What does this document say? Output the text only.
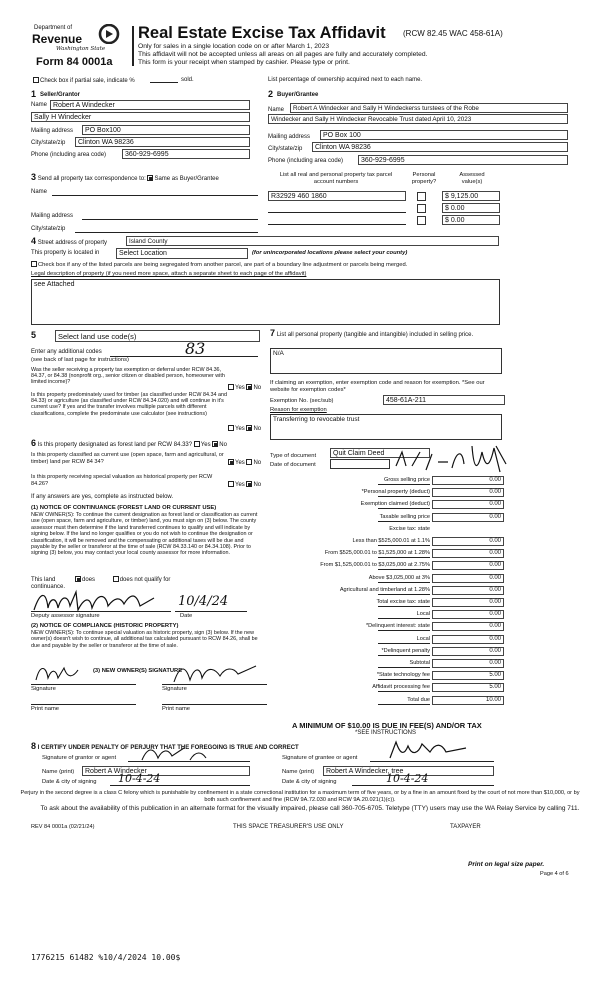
Department of
Revenue
Washington State
Form 84 0001a
Real Estate Excise Tax Affidavit (RCW 82.45 WAC 458-61A)
Only for sales in a single location code on or after March 1, 2023
This affidavit will not be accepted unless all areas on all pages are fully and accurately completed.
This form is your receipt when stamped by cashier. Please type or print.
Check box if partial sale, indicate %	sold.	List percentage of ownership acquired next to each name.
1 Seller/Grantor
Name Robert A Windecker
Sally H Windecker
Mailing address	PO Box100
City/state/zip	Clinton WA 98236
Phone (including area code)	360-929-6995
2 Buyer/Grantee
Name	Robert A Windecker and Sally H Windeckerss turstees of the Robe
Windecker and Sally H Windecker Revocable Trust dated April 10, 2023
Mailing address	PO Box 100
City/state/zip	Clinton WA 98236
Phone (including area code)	360-929-6995
3 Send all property tax correspondence to: Same as Buyer/Grantee
Name
Mailing address
City/state/zip
List all real and personal property tax parcel account numbers
Personal property?
Assessed value(s)
R32929 460 1860	$ 9,125.00
$ 0.00
$ 0.00
4 Street address of property	Island County
This property is located in	Select Location	(for unincorporated locations please select your county)
Check box if any of the listed parcels are being segregated from another parcel, are part of a boundary line adjustment or parcels being merged.
Legal description of property (if you need more space, attach a separate sheet to each page of the affidavit)
see Attached
5	Select land use code(s)
Enter any additional codes	83
(see back of last page for instructions)
Was the seller receiving a property tax exemption or deferral under RCW 84.36, 84.37, or 84.38 (nonprofit org., senior citizen or disabled person, homeowner with limited income)?
Yes No
Is this property predominately used for timber (as classified under RCW 84.34 and 84.33) or agriculture (as classified under RCW 84.34.020) and will continue in it's current use? If yes and the transfer involves multiple parcels with different classifications, complete the predominate use calculator (see instructions)
Yes No
6 Is this property designated as forest land per RCW 84.33? Yes No
Is this property classified as current use (open space, farm and agricultural, or timber) land per RCW 84 34?	Yes No
Is this property receiving special valuation as historical property per RCW 84.26?	Yes No
If any answers are yes, complete as instructed below.
(1) NOTICE OF CONTINUANCE (FOREST LAND OR CURRENT USE)
NEW OWNER(S): To continue the current designation as forest land or classification as current use (open space, farm and agriculture, or timber) land, you must sign on (3) below. The county assessor must then determine if the land transferred continues to qualify and will indicate by signing below. If the land no longer qualifies or you do not wish to continue the designation or classification, it will be removed and the compensating or additional taxes will be due and payable by the seller or transferor at the time of sale (RCW 84.33.140 or 84.34.108). Prior to signing (3) below, you may contact your local county assessor for more information.
This land	does	does not qualify for
continuance.
10/4/24
Deputy assessor signature	Date
(2) NOTICE OF COMPLIANCE (HISTORIC PROPERTY)
NEW OWNER(S): To continue special valuation as historic property, sign (3) below. If the new owner(s) doesn't wish to continue, all additional tax calculated pursuant to RCW 84.26, shall be due and payable by the seller or transferor at the time of sale.
(3) NEW OWNER(S) SIGNATURE
Signature	Signature
Print name	Print name
7 List all personal property (tangible and intangible) included in selling price.
N/A
If claiming an exemption, enter exemption code and reason for exemption. *See our website for exemption codes*
Exemption No. (sec/sub)	458-61A-211
Reason for exemption
Transferring to revocable trust
Type of document	Quit Claim Deed
Date of document
Gross selling price	0.00
*Personal property (deduct)	0.00
Exemption claimed (deduct)	0.00
Taxable selling price	0.00
Excise tax: state
Less than $525,000.01 at 1.1%	0.00
From $525,000.01 to $1,525,000 at 1.28%	0.00
From $1,525,000.01 to $3,025,000 at 2.75%	0.00
Above $3,025,000 at 3%	0.00
Agricultural and timberland at 1.28%	0.00
Total excise tax: state	0.00
Local	0.00
*Delinquent interest: state	0.00
Local	0.00
*Delinquent penalty	0.00
Subtotal	0.00
*State technology fee	5.00
Affidavit processing fee	5.00
Total due	10.00
A MINIMUM OF $10.00 IS DUE IN FEE(S) AND/OR TAX
*SEE INSTRUCTIONS
8 I CERTIFY UNDER PENALTY OF PERJURY THAT THE FOREGOING IS TRUE AND CORRECT
Signature of grantor or agent
Name (print)	Robert A Windecker
Date & city of signing 10-4-24
Signature of grantee or agent
Name (print)	Robert A Windecker, tree
Date & city of signing	10-4-24
Perjury in the second degree is a class C felony which is punishable by confinement in a state correctional institution for a maximum term of five years, or by a fine in an amount fixed by the court of not more than $10,000, or by both such confinement and fine (RCW 9A.72.030 and RCW 9A.20.021(1)(c)).
To ask about the availability of this publication in an alternate format for the visually impaired, please call 360-705-6705. Teletype (TTY) users may use the WA Relay Service by calling 711.
REV 84 0001a (02/21/24)	THIS SPACE TREASURER'S USE ONLY	TAXPAYER
Print on legal size paper.
Page 4 of 6
1776215 61482 %10/4/2024 10.00$
